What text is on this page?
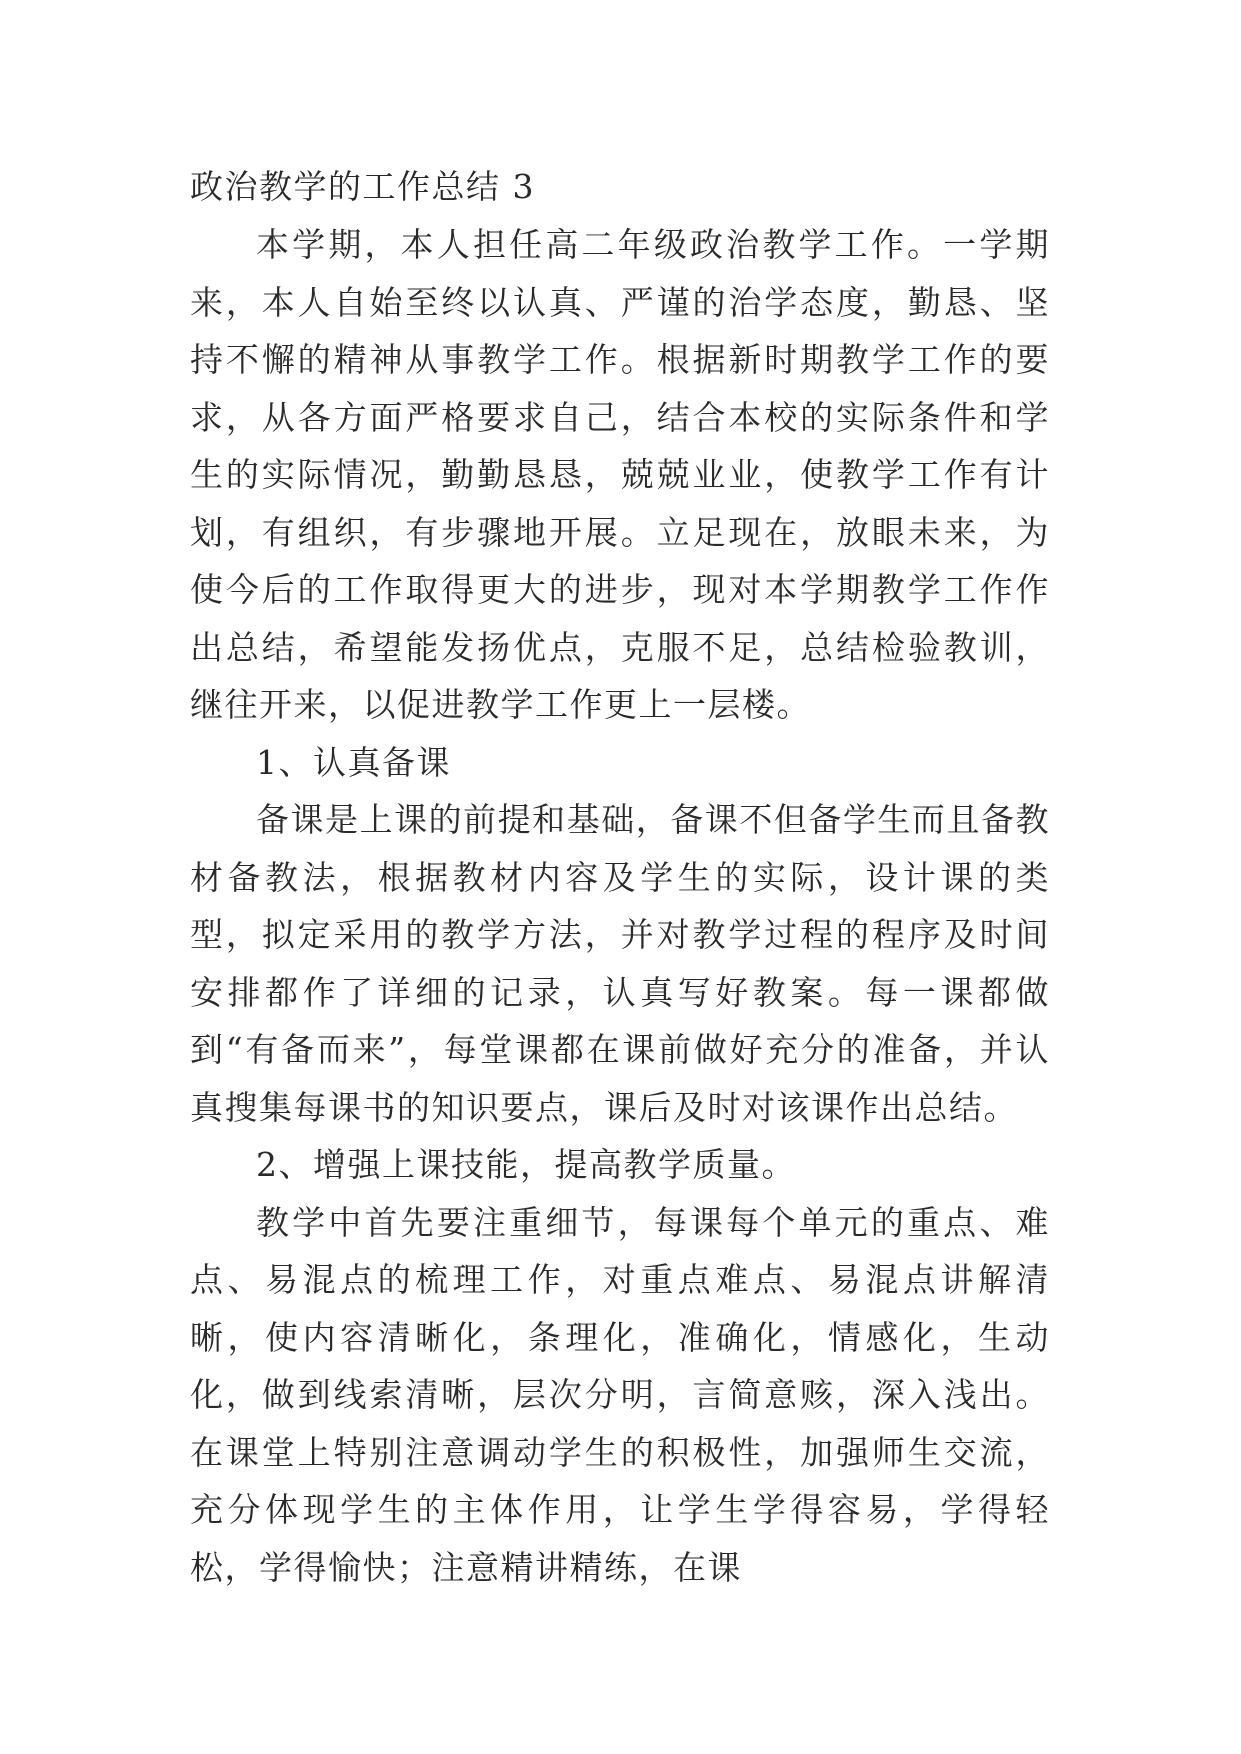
政治教学的工作总结 3

本学期，本人担任高二年级政治教学工作。一学期来，本人自始至终以认真、严谨的治学态度，勤恳、坚持不懈的精神从事教学工作。根据新时期教学工作的要求，从各方面严格要求自己，结合本校的实际条件和学生的实际情况，勤勤恳恳，兢兢业业，使教学工作有计划，有组织，有步骤地开展。立足现在，放眼未来，为使今后的工作取得更大的进步，现对本学期教学工作作出总结，希望能发扬优点，克服不足，总结检验教训，继往开来，以促进教学工作更上一层楼。

1、认真备课

备课是上课的前提和基础，备课不但备学生而且备教材备教法，根据教材内容及学生的实际，设计课的类型，拟定采用的教学方法，并对教学过程的程序及时间安排都作了详细的记录，认真写好教案。每一课都做到“有备而来”，每堂课都在课前做好充分的准备，并认真搜集每课书的知识要点，课后及时对该课作出总结。

2、增强上课技能，提高教学质量。

教学中首先要注重细节，每课每个单元的重点、难点、易混点的梳理工作，对重点难点、易混点讲解清晰，使内容清晰化，条理化，准确化，情感化，生动化，做到线索清晰，层次分明，言简意赅，深入浅出。在课堂上特别注意调动学生的积极性，加强师生交流，充分体现学生的主体作用，让学生学得容易，学得轻松，学得愉快；注意精讲精练，在课
